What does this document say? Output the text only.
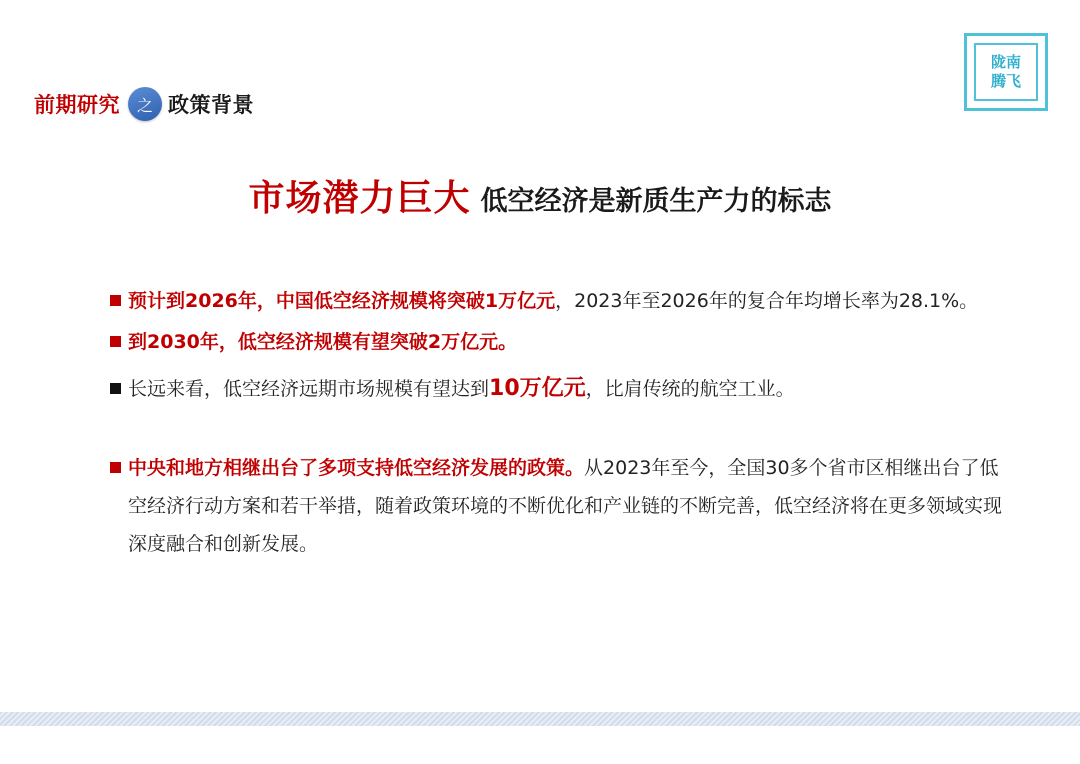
前期研究	之 政策背景
陇南
腾飞
市场潜力巨大 低空经济是新质生产力的标志
预计到2026年，中国低空经济规模将突破1万亿元，2023年至2026年的复合年均增长率为28.1%。
到2030年，低空经济规模有望突破2万亿元。
长远来看，低空经济远期市场规模有望达到10万亿元，比肩传统的航空工业。
中央和地方相继出台了多项支持低空经济发展的政策。从2023年至今，全国30多个省市区相继出台了低空经济行动方案和若干举措，随着政策环境的不断优化和产业链的不断完善，低空经济将在更多领域实现深度融合和创新发展。
